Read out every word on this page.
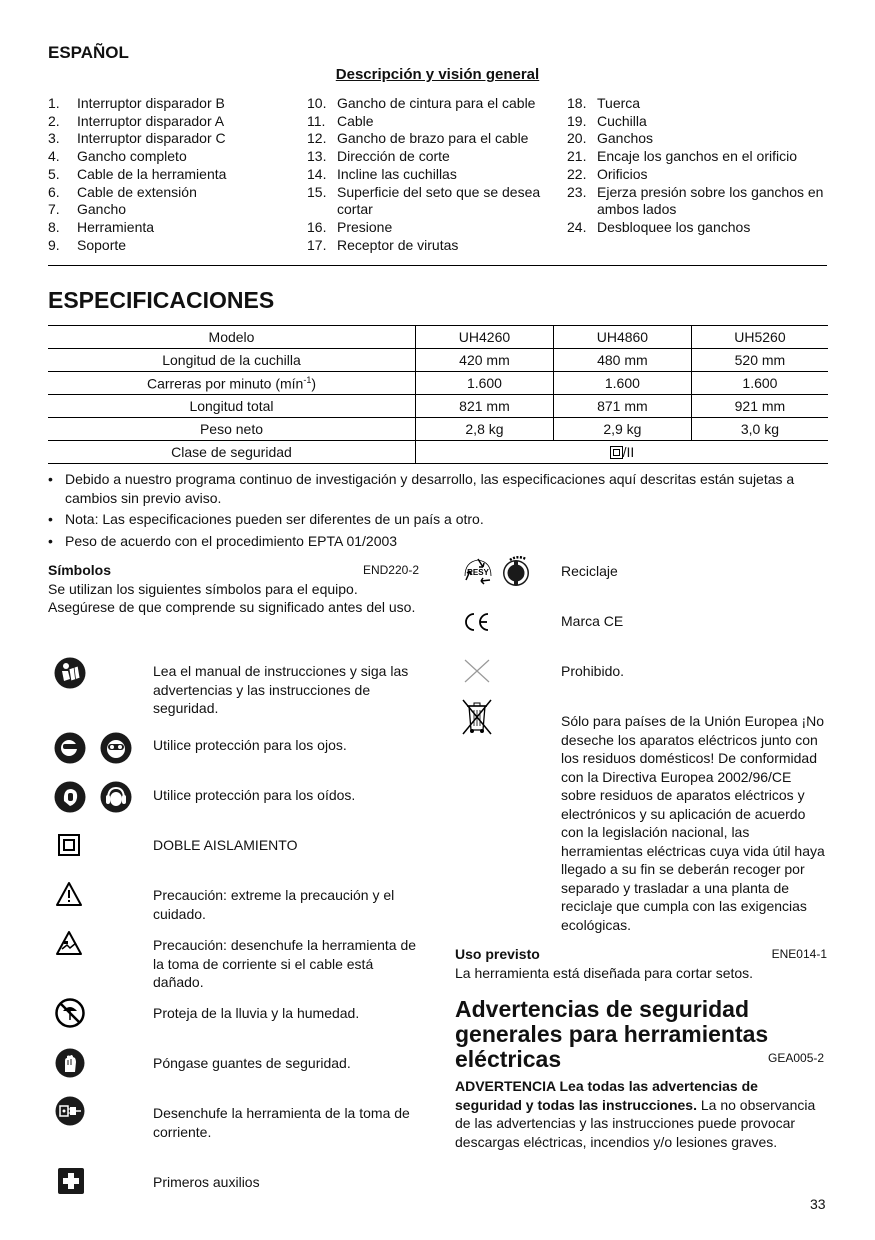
ESPAÑOL
Descripción y visión general
1.	Interruptor disparador B
2.	Interruptor disparador A
3.	Interruptor disparador C
4.	Gancho completo
5.	Cable de la herramienta
6.	Cable de extensión
7.	Gancho
8.	Herramienta
9.	Soporte
10. Gancho de cintura para el cable
11. Cable
12. Gancho de brazo para el cable
13. Dirección de corte
14. Incline las cuchillas
15. Superficie del seto que se desea cortar
16. Presione
17. Receptor de virutas
18. Tuerca
19. Cuchilla
20. Ganchos
21. Encaje los ganchos en el orificio
22. Orificios
23. Ejerza presión sobre los ganchos en ambos lados
24. Desbloquee los ganchos
ESPECIFICACIONES
Modelo	UH4260	UH4860	UH5260
Longitud de la cuchilla	420 mm	480 mm	520 mm
Carreras por minuto (mín$^{-1}$)	1.600	1.600	1.600
Longitud total	821 mm	871 mm	921 mm
Peso neto	2,8 kg	2,9 kg	3,0 kg
Clase de seguridad	/II		
• Debido a nuestro programa continuo de investigación y desarrollo, las especificaciones aquí descritas están sujetas a cambios sin previo aviso.
• Nota: Las especificaciones pueden ser diferentes de un país a otro.
• Peso de acuerdo con el procedimiento EPTA 01/2003
Símbolos	END220-2
Se utilizan los siguientes símbolos para el equipo. Asegúrese de que comprende su significado antes del uso.
Lea el manual de instrucciones y siga las advertencias y las instrucciones de seguridad.
Utilice protección para los ojos.
Utilice protección para los oídos.
DOBLE AISLAMIENTO
Precaución: extreme la precaución y el cuidado.
Precaución: desenchufe la herramienta de la toma de corriente si el cable está dañado.
Proteja de la lluvia y la humedad.
Póngase guantes de seguridad.
Desenchufe la herramienta de la toma de corriente.
Primeros auxilios
RESY	Reciclaje
Marca CE
Prohibido.
Sólo para países de la Unión Europea ¡No deseche los aparatos eléctricos junto con los residuos domésticos! De conformidad con la Directiva Europea 2002/96/CE sobre residuos de aparatos eléctricos y electrónicos y su aplicación de acuerdo con la legislación nacional, las herramientas eléctricas cuya vida útil haya llegado a su fin se deberán recoger por separado y trasladar a una planta de reciclaje que cumpla con las exigencias ecológicas.
Uso previsto	ENE014-1
La herramienta está diseñada para cortar setos.
Advertencias de seguridad generales para herramientas eléctricas	GEA005-2
ADVERTENCIA Lea todas las advertencias de seguridad y todas las instrucciones. La no observancia de las advertencias y las instrucciones puede provocar descargas eléctricas, incendios y/o lesiones graves.
33
